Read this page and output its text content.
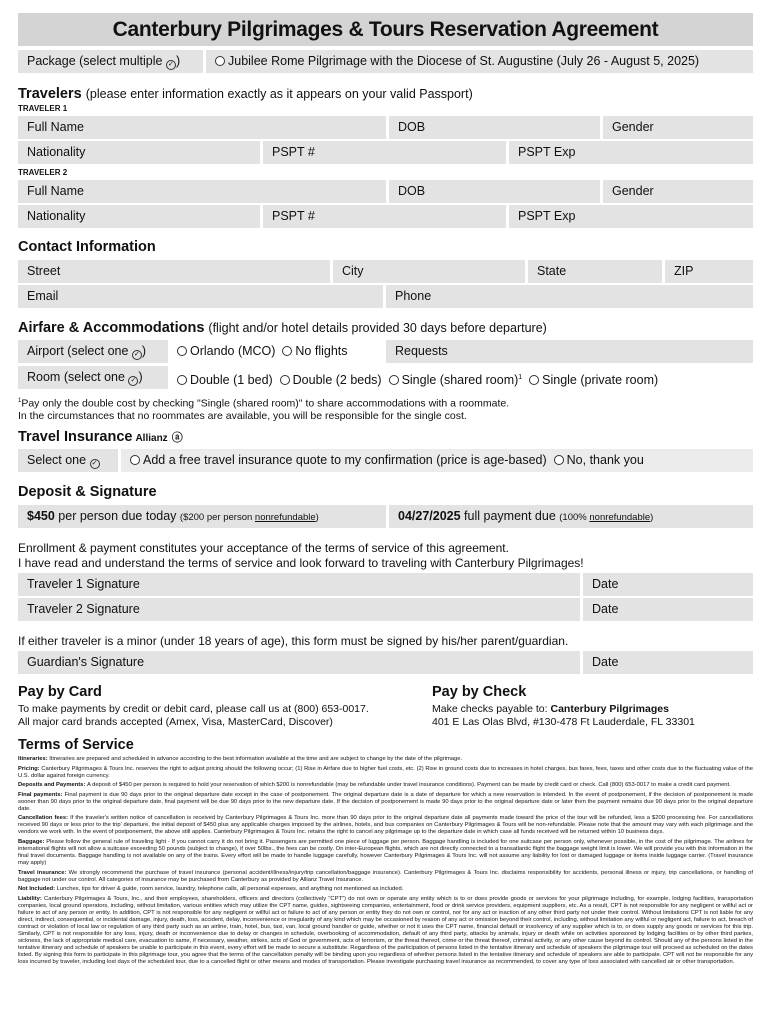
Canterbury Pilgrimages & Tours Reservation Agreement
Package (select multiple ✓ )	Jubilee Rome Pilgrimage with the Diocese of St. Augustine (July 26 - August 5, 2025)
Travelers (please enter information exactly as it appears on your valid Passport)
TRAVELER 1
Full Name	DOB	Gender
Nationality	PSPT #	PSPT Exp
TRAVELER 2
Full Name	DOB	Gender
Nationality	PSPT #	PSPT Exp
Contact Information
Street	City	State	ZIP
Email	Phone
Airfare & Accommodations (flight and/or hotel details provided 30 days before departure)
Airport (select one ✓ )	Orlando (MCO) No flights	Requests
Room (select one ✓ )	Double (1 bed) Double (2 beds) Single (shared room)$^1$ Single (private room)
$^1$Pay only the double cost by checking "Single (shared room)" to share accommodations with a roommate.
In the circumstances that no roommates are available, you will be responsible for the single cost.
Travel Insurance Allianz ⓐ
Select one ✓	Add a free travel insurance quote to my confirmation (price is age-based) No, thank you
Deposit & Signature
$450 per person due today ($200 per person nonrefundable)	04/27/2025 full payment due (100% nonrefundable)
Enrollment & payment constitutes your acceptance of the terms of service of this agreement.
I have read and understand the terms of service and look forward to traveling with Canterbury Pilgrimages!
Traveler 1 Signature	Date
Traveler 2 Signature	Date
If either traveler is a minor (under 18 years of age), this form must be signed by his/her parent/guardian.
Guardian's Signature	Date
Pay by Card
To make payments by credit or debit card, please call us at (800) 653-0017.
All major card brands accepted (Amex, Visa, MasterCard, Discover)
Pay by Check
Make checks payable to: Canterbury Pilgrimages
401 E Las Olas Blvd, #130-478 Ft Lauderdale, FL 33301
Terms of Service

Itineraries: Itineraries are prepared and scheduled in advance according to the best information available at the time and are subject to change by the date of the pilgrimage.

Pricing: Canterbury Pilgrimages & Tours Inc. reserves the right to adjust pricing should the following occur; (1) Rise in Airfare due to higher fuel costs, etc. (2) Rise in ground costs due to increases in hotel charges, bus fares, fees, taxes and other costs due to the fluctuating value of the U.S. dollar against foreign currency.

Deposits and Payments: A deposit of $450 per person is required to hold your reservation of which $200 is nonrefundable (may be refundable under travel insurance conditions). Payment can be made by credit card or check. Call (800) 653-0017 to make a credit card payment.

Final payments: Final payment is due 90 days prior to the original departure date except in the case of postponement. The original departure date is a date of departure for which a new reservation is intended. In the event of postponement, if the decision of postponement is made sooner than 90 days prior to the original departure date, final payment will be due 90 days prior to the new departure date. If the decision of postponement is made 90 days prior to the original departure date or later then the payment remains due 90 days prior to the original departure date.

Cancellation fees: If the traveler's written notice of cancellation is received by Canterbury Pilgrimages & Tours Inc. more than 90 days prior to the original departure date all payments made toward the price of the tour will be refunded, less a $200 processing fee. For cancellations received 90 days or less prior to the trip' departure, the initial deposit of $450 plus any applicable charges imposed by the airlines, hotels, and bus companies on Canterbury Pilgrimages & Tours will be non-refundable. Please note that the amount may vary with each pilgrimage and the vendors we work with. In the event of postponement, the above still applies. Canterbury Pilgrimages & Tours Inc. retains the right to cancel any pilgrimage up to the departure date in which case all funds received will be returned within 10 business days.

Baggage: Please follow the general rule of traveling light - If you cannot carry it do not bring it. Passengers are permitted one piece of luggage per person. Baggage handling is included for one suitcase per person only, whenever possible, in the cost of the pilgrimage. The airlines for international flights will not allow a suitcase exceeding 50 pounds (subject to change), if over 50lbs., the fees can be costly. On inter-European flights, which are not directly connected to a transatlantic flight the baggage weight limit is lower. We will provide you with this information in the final travel documents. Baggage handling is not available on any of the trains. Every effort will be made to handle luggage carefully, however Canterbury Pilgrimages & Tours Inc. will not assume any liability for lost or damaged luggage or items inside luggage carrier. (Travel insurance may apply)

Travel insurance: We strongly recommend the purchase of travel insurance (personal accident/illness/injury/trip cancellation/baggage insurance). Canterbury Pilgrimages & Tours Inc. disclaims responsibility for accidents, personal illness or injury, trip cancellations, or handling of baggage not under our control. All categories of insurance may be purchased from Canterbury as provided by Allianz Travel Insurance.

Not Included: Lunches, tips for driver & guide, room service, laundry, telephone calls, all personal expenses, and anything not mentioned as included.

Liability: Canterbury Pilgrimages & Tours, Inc., and their employees, shareholders, officers and directors (collectively "CPT") do not own or operate any entity which is to or does provide goods or services for your pilgrimage including, for example, lodging facilities, transportation companies, local ground operators, including, without limitation, various entities which may utilize the CPT name, guides, sightseeing companies, entertainment, food or drink service providers, equipment suppliers, etc. As a result, CPT is not responsible for any negligent or willful act or failure to act of any person or entity. In addition, CPT is not responsible for any negligent or willful act or failure to act of any person or entity they do not own or control, nor for any act or inaction of any other third party not under their control. Without limitations CPT is not liable for any direct, indirect, consequential, or incidental damage, injury, death, loss, accident, delay, inconvenience or irregularity of any kind which may be occasioned by reason of any act or omission beyond their control, including, without limitation any willful or negligent act, failure to act, breach of contract or violation of local law or regulation of any third party such as an airline, train, hotel, bus, taxi, van, local ground handler or guide, whether or not it uses the CPT name, financial default or insolvency of any supplier which is to, or does supply any goods or services for this trip. Similarly, CPT is not responsible for any loss, injury, death or inconvenience due to delay or changes in schedule, overbooking of accommodation, default of any third party, attacks by animals, injury or death while on activities sponsored by lodging facilities or by other third parties, sickness, the lack of appropriate medical care, evacuation to same, if necessary, weather, strikes, acts of God or government, acts of terrorism, or the threat thereof, crime or the threat thereof, criminal activity, or any other cause beyond its control. Should any of the persons listed in the tentative itinerary and schedule of speakers be unable to participate in this event, every effort will be made to secure a substitute. Regardless of the participation of persons listed in the tentative itinerary and schedule of speakers the pilgrimage tour will proceed as scheduled on the dates listed. By signing this form to participate in this pilgrimage tour, you agree that the terms of the cancellation penalty will be binding upon you regardless of whether persons listed in the tentative itinerary and schedule of speakers are able to participate. CPT will not be responsible for any loss incurred by traveler, including lost days of the scheduled tour, due to a cancelled flight or other means and modes of transportation. Please investigate purchasing travel insurance as recommended, to cover any type of loss associated with cancelled air or other transportation.
